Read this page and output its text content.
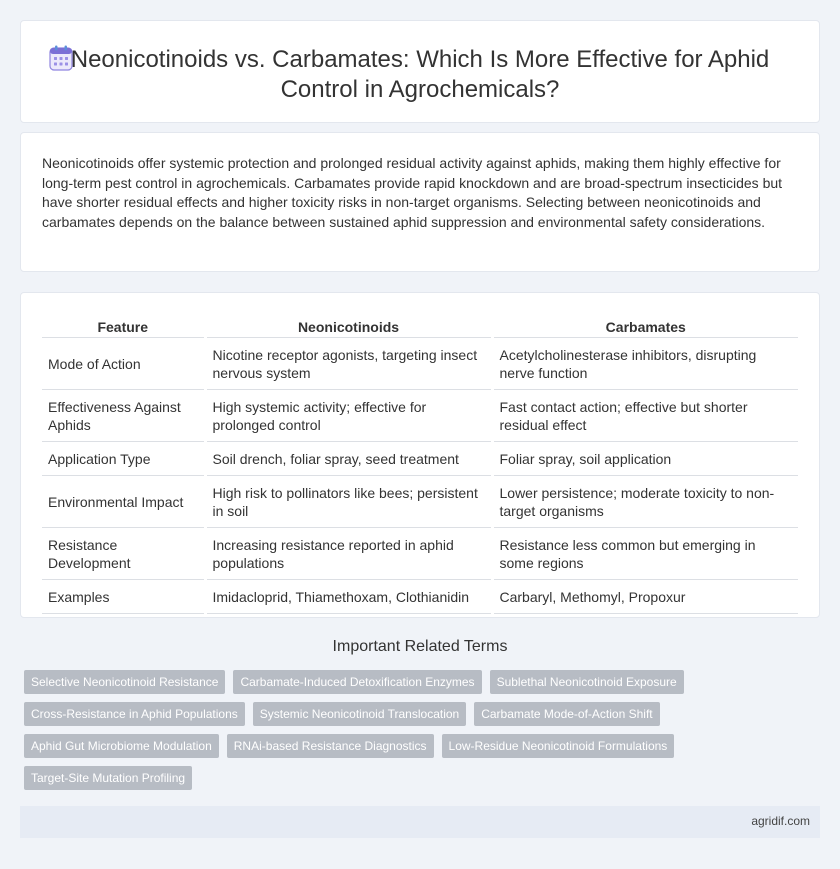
Neonicotinoids vs. Carbamates: Which Is More Effective for Aphid Control in Agrochemicals?

Neonicotinoids offer systemic protection and prolonged residual activity against aphids, making them highly effective for long-term pest control in agrochemicals. Carbamates provide rapid knockdown and are broad-spectrum insecticides but have shorter residual effects and higher toxicity risks in non-target organisms. Selecting between neonicotinoids and carbamates depends on the balance between sustained aphid suppression and environmental safety considerations.

Feature	Neonicotinoids	Carbamates
Mode of Action	Nicotine receptor agonists, targeting insect nervous system	Acetylcholinesterase inhibitors, disrupting nerve function
Effectiveness Against Aphids	High systemic activity; effective for prolonged control	Fast contact action; effective but shorter residual effect
Application Type	Soil drench, foliar spray, seed treatment	Foliar spray, soil application
Environmental Impact	High risk to pollinators like bees; persistent in soil	Lower persistence; moderate toxicity to non-target organisms
Resistance Development	Increasing resistance reported in aphid populations	Resistance less common but emerging in some regions
Examples	Imidacloprid, Thiamethoxam, Clothianidin	Carbaryl, Methomyl, Propoxur
Important Related Terms
Selective Neonicotinoid Resistance	Carbamate-Induced Detoxification Enzymes	Sublethal Neonicotinoid Exposure
Cross-Resistance in Aphid Populations	Systemic Neonicotinoid Translocation	Carbamate Mode-of-Action Shift
Aphid Gut Microbiome Modulation	RNAi-based Resistance Diagnostics	Low-Residue Neonicotinoid Formulations
Target-Site Mutation Profiling
agridif.com
